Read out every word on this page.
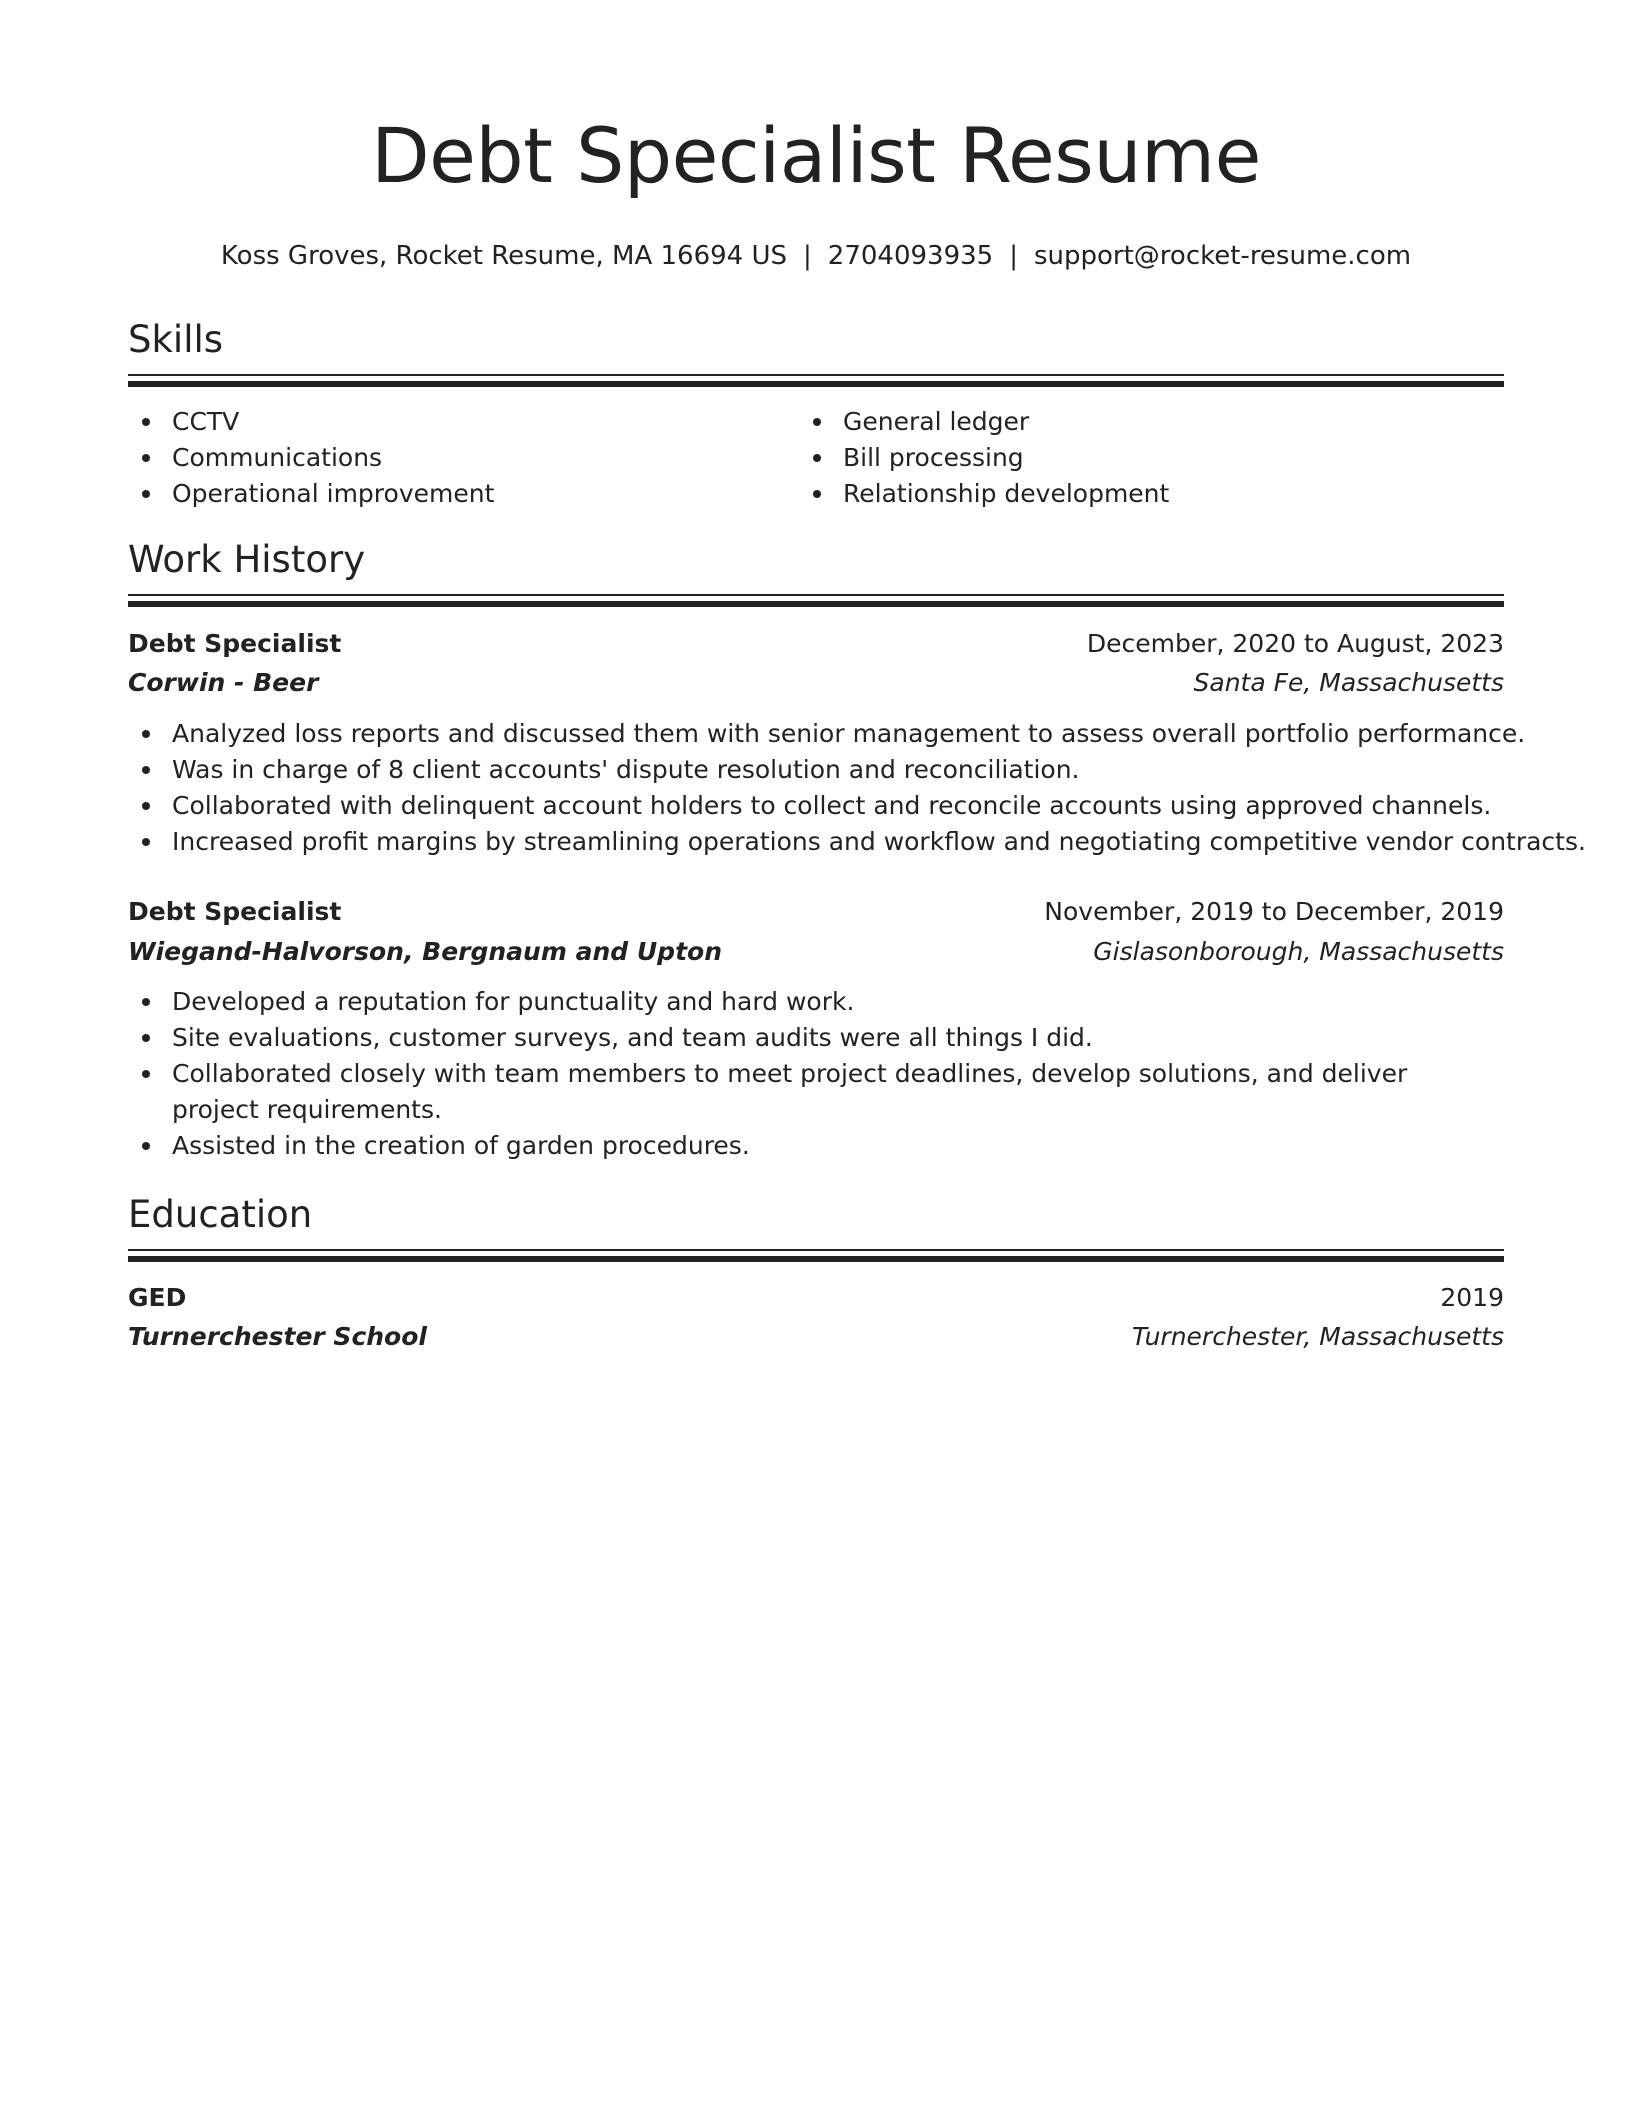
Debt Specialist Resume
Koss Groves, Rocket Resume, MA 16694 US | 2704093935 | support@rocket-resume.com
Skills
CCTV
Communications
Operational improvement
General ledger
Bill processing
Relationship development
Work History
Debt Specialist	December, 2020 to August, 2023
Corwin - Beer	Santa Fe, Massachusetts
Analyzed loss reports and discussed them with senior management to assess overall portfolio performance.
Was in charge of 8 client accounts' dispute resolution and reconciliation.
Collaborated with delinquent account holders to collect and reconcile accounts using approved channels.
Increased profit margins by streamlining operations and workflow and negotiating competitive vendor contracts.
Debt Specialist	November, 2019 to December, 2019
Wiegand-Halvorson, Bergnaum and Upton	Gislasonborough, Massachusetts
Developed a reputation for punctuality and hard work.
Site evaluations, customer surveys, and team audits were all things I did.
Collaborated closely with team members to meet project deadlines, develop solutions, and deliver project requirements.
Assisted in the creation of garden procedures.
Education
GED	2019
Turnerchester School	Turnerchester, Massachusetts
